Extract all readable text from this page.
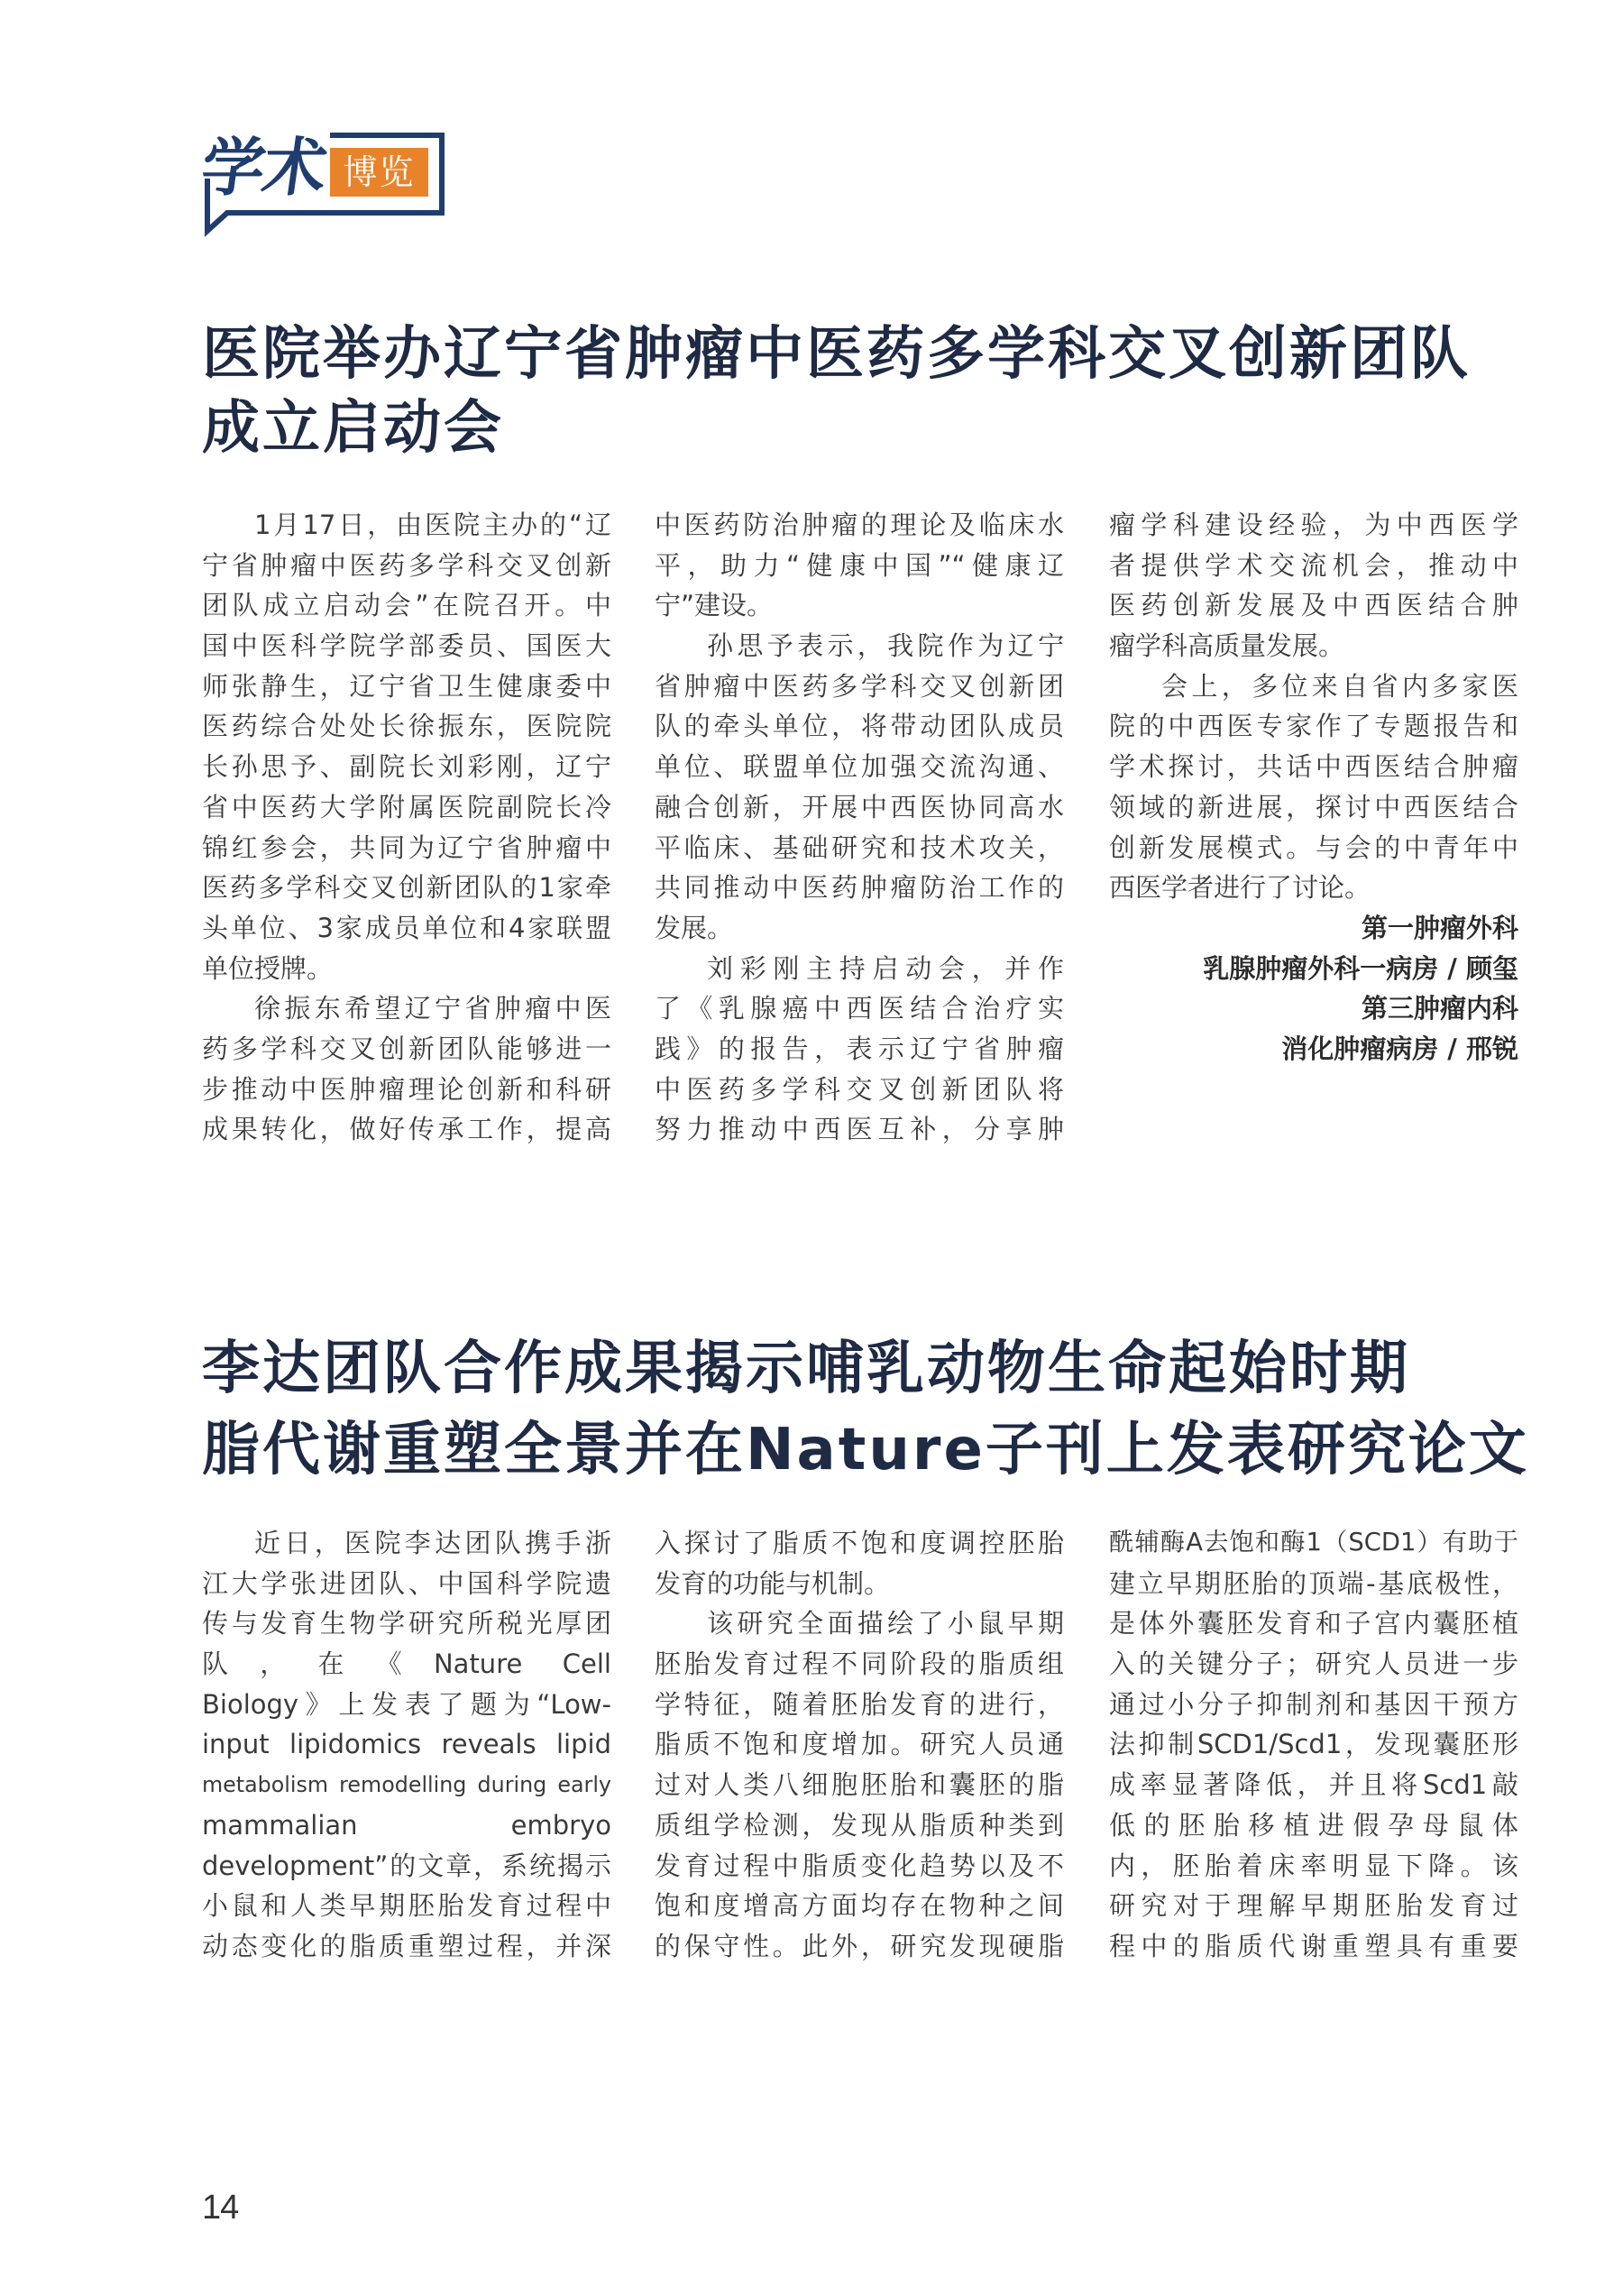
学术 博览
医院举办辽宁省肿瘤中医药多学科交叉创新团队
成立启动会
1月17日，由医院主办的“辽
宁省肿瘤中医药多学科交叉创新
团队成立启动会”在院召开。中
国中医科学院学部委员、国医大
师张静生，辽宁省卫生健康委中
医药综合处处长徐振东，医院院
长孙思予、副院长刘彩刚，辽宁
省中医药大学附属医院副院长冷
锦红参会，共同为辽宁省肿瘤中
医药多学科交叉创新团队的1家牵
头单位、3家成员单位和4家联盟
单位授牌。
徐振东希望辽宁省肿瘤中医
药多学科交叉创新团队能够进一
步推动中医肿瘤理论创新和科研
成果转化，做好传承工作，提高
中医药防治肿瘤的理论及临床水
平，助力“健康中国”“健康辽
宁”建设。
孙思予表示，我院作为辽宁
省肿瘤中医药多学科交叉创新团
队的牵头单位，将带动团队成员
单位、联盟单位加强交流沟通、
融合创新，开展中西医协同高水
平临床、基础研究和技术攻关，
共同推动中医药肿瘤防治工作的
发展。
刘彩刚主持启动会，并作
了《乳腺癌中西医结合治疗实
践》的报告，表示辽宁省肿瘤
中医药多学科交叉创新团队将
努力推动中西医互补，分享肿
瘤学科建设经验，为中西医学
者提供学术交流机会，推动中
医药创新发展及中西医结合肿
瘤学科高质量发展。
会上，多位来自省内多家医
院的中西医专家作了专题报告和
学术探讨，共话中西医结合肿瘤
领域的新进展，探讨中西医结合
创新发展模式。与会的中青年中
西医学者进行了讨论。
第一肿瘤外科
乳腺肿瘤外科一病房 / 顾玺
第三肿瘤内科
消化肿瘤病房 / 邢锐
李达团队合作成果揭示哺乳动物生命起始时期
脂代谢重塑全景并在Nature子刊上发表研究论文
近日，医院李达团队携手浙
江大学张进团队、中国科学院遗
传与发育生物学研究所税光厚团
队，在《Nature Cell
Biology》上发表了题为“Low-
input lipidomics reveals lipid
metabolism remodelling during early
mammalian embryo
development”的文章，系统揭示
小鼠和人类早期胚胎发育过程中
动态变化的脂质重塑过程，并深
入探讨了脂质不饱和度调控胚胎
发育的功能与机制。
该研究全面描绘了小鼠早期
胚胎发育过程不同阶段的脂质组
学特征，随着胚胎发育的进行，
脂质不饱和度增加。研究人员通
过对人类八细胞胚胎和囊胚的脂
质组学检测，发现从脂质种类到
发育过程中脂质变化趋势以及不
饱和度增高方面均存在物种之间
的保守性。此外，研究发现硬脂
酰辅酶A去饱和酶1（SCD1）有助于
建立早期胚胎的顶端-基底极性，
是体外囊胚发育和子宫内囊胚植
入的关键分子；研究人员进一步
通过小分子抑制剂和基因干预方
法抑制SCD1/Scd1，发现囊胚形
成率显著降低，并且将Scd1敲
低的胚胎移植进假孕母鼠体
内，胚胎着床率明显下降。该
研究对于理解早期胚胎发育过
程中的脂质代谢重塑具有重要
14
